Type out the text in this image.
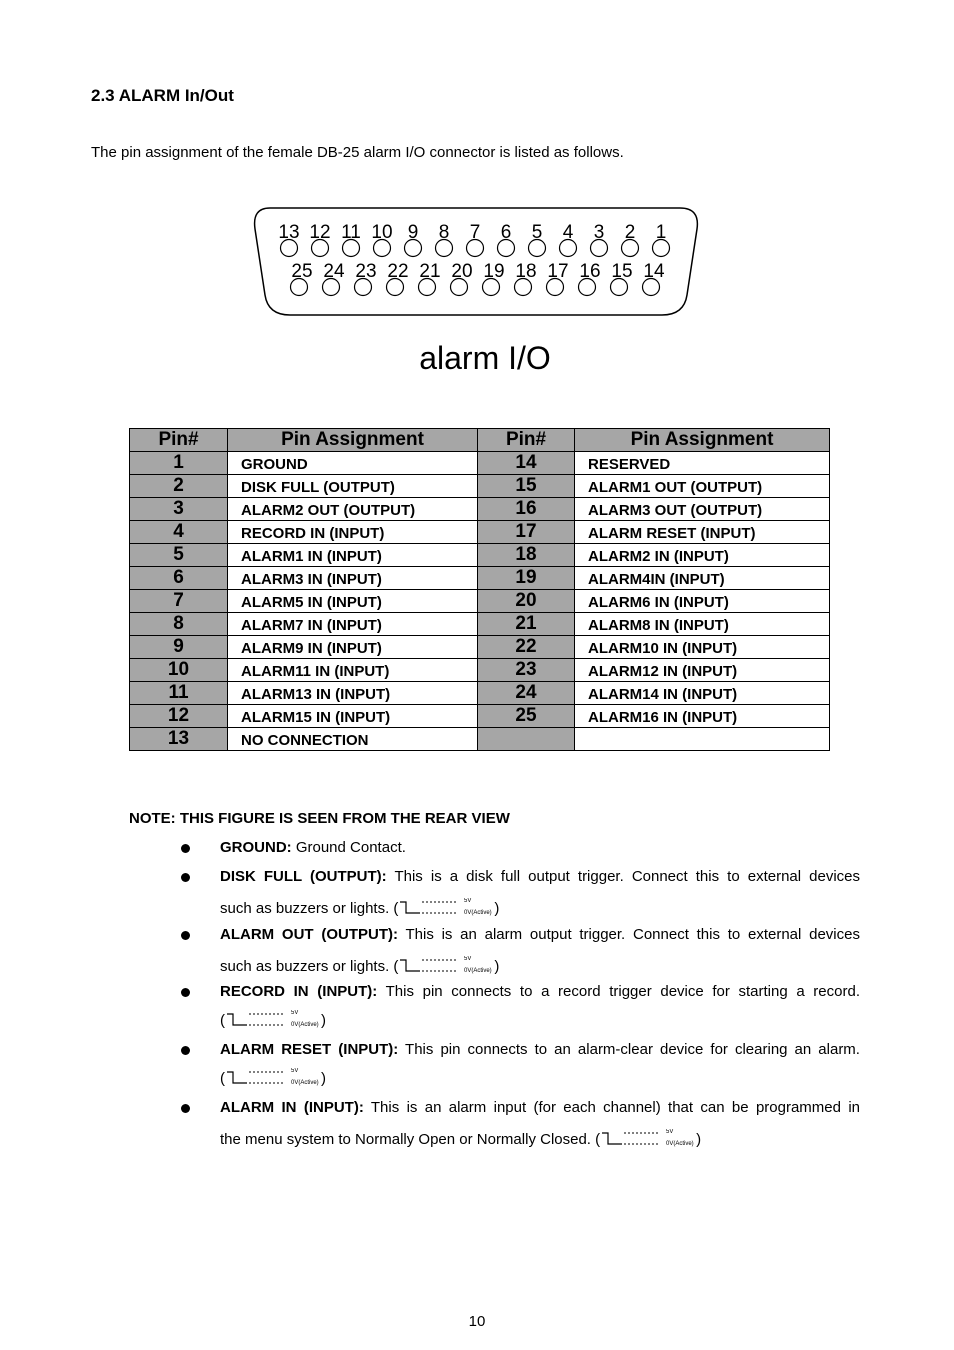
2.3 ALARM In/Out
The pin assignment of the female DB-25 alarm I/O connector is listed as follows.
13 12 11 10 9 8 7 6 5 4 3 2 1
25 24 23 22 21 20 19 18 17 16 15 14
alarm I/O
Pin#	Pin Assignment	Pin#	Pin Assignment
1	GROUND	14	RESERVED
2	DISK FULL (OUTPUT)	15	ALARM1 OUT (OUTPUT)
3	ALARM2 OUT (OUTPUT)	16	ALARM3 OUT (OUTPUT)
4	RECORD IN (INPUT)	17	ALARM RESET (INPUT)
5	ALARM1 IN (INPUT)	18	ALARM2 IN (INPUT)
6	ALARM3 IN (INPUT)	19	ALARM4IN (INPUT)
7	ALARM5 IN (INPUT)	20	ALARM6 IN (INPUT)
8	ALARM7 IN (INPUT)	21	ALARM8 IN (INPUT)
9	ALARM9 IN (INPUT)	22	ALARM10 IN (INPUT)
10	ALARM11 IN (INPUT)	23	ALARM12 IN (INPUT)
11	ALARM13 IN (INPUT)	24	ALARM14 IN (INPUT)
12	ALARM15 IN (INPUT)	25	ALARM16 IN (INPUT)
13	NO CONNECTION		
NOTE: THIS FIGURE IS SEEN FROM THE REAR VIEW
GROUND: Ground Contact.
DISK FULL (OUTPUT): This is a disk full output trigger. Connect this to external devices
such as buzzers or lights. (	5V
0V(Active) )
ALARM OUT (OUTPUT): This is an alarm output trigger. Connect this to external devices
such as buzzers or lights. (	5V
0V(Active) )
RECORD IN (INPUT): This pin connects to a record trigger device for starting a record.
(	5V
0V(Active) )
ALARM RESET (INPUT): This pin connects to an alarm-clear device for clearing an alarm.
(	5V
0V(Active) )
ALARM IN (INPUT): This is an alarm input (for each channel) that can be programmed in
the menu system to Normally Open or Normally Closed. (	5V
0V(Active) )
10
